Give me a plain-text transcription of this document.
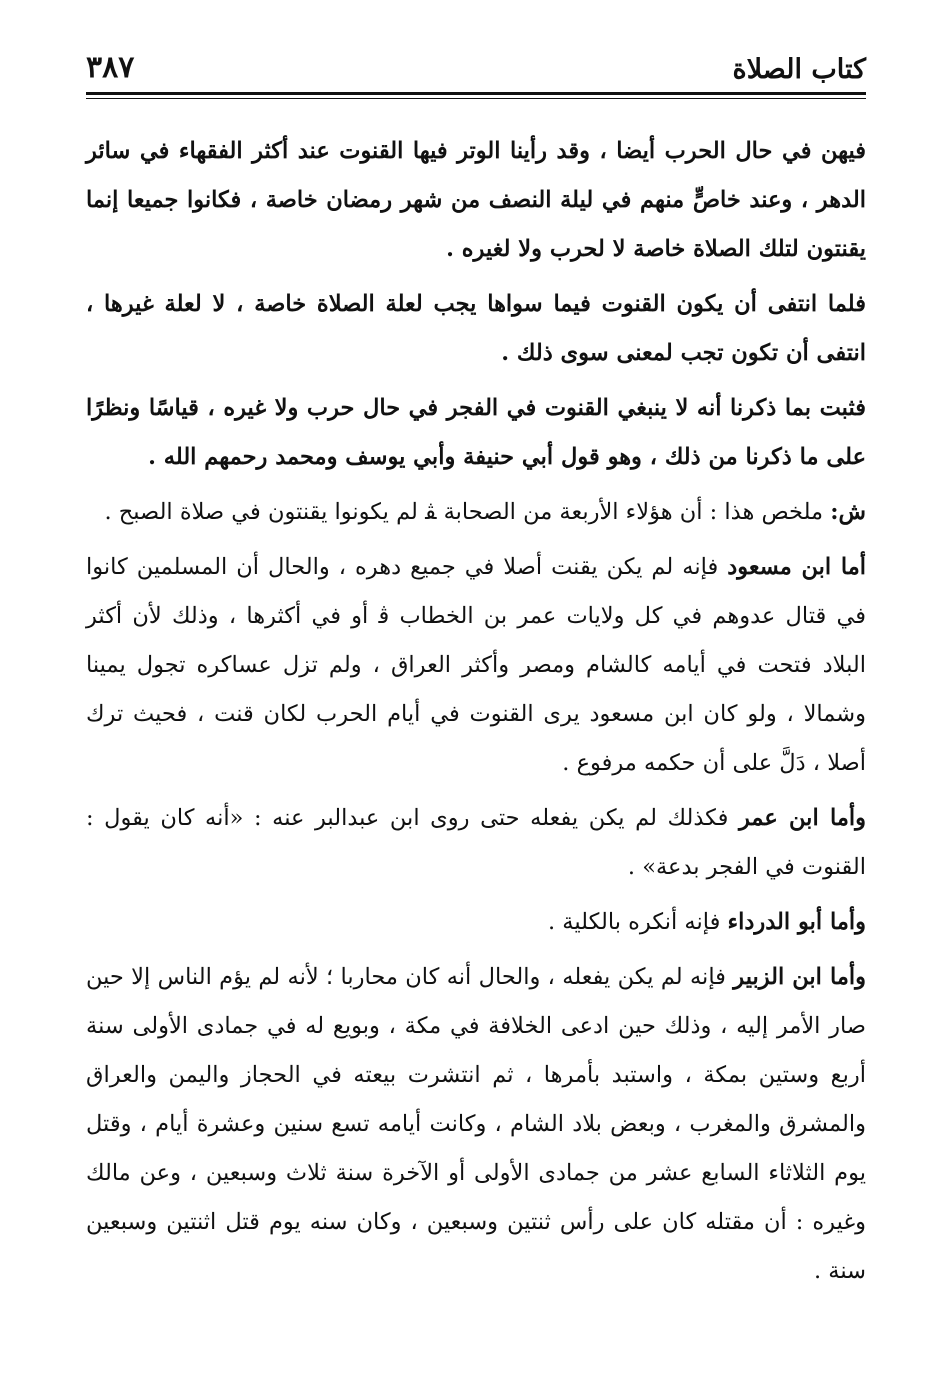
كتاب الصلاة
٣٨٧

فيهن في حال الحرب أيضا ، وقد رأينا الوتر فيها القنوت عند أكثر الفقهاء في سائر الدهر ، وعند خاصٍّ منهم في ليلة النصف من شهر رمضان خاصة ، فكانوا جميعا إنما يقنتون لتلك الصلاة خاصة لا لحرب ولا لغيره .

فلما انتفى أن يكون القنوت فيما سواها يجب لعلة الصلاة خاصة ، لا لعلة غيرها ، انتفى أن تكون تجب لمعنى سوى ذلك .

فثبت بما ذكرنا أنه لا ينبغي القنوت في الفجر في حال حرب ولا غيره ، قياسًا ونظرًا على ما ذكرنا من ذلك ، وهو قول أبي حنيفة وأبي يوسف ومحمد رحمهم الله .

ش: ملخص هذا : أن هؤلاء الأربعة من الصحابة ﭭ لم يكونوا يقنتون في صلاة الصبح .

أما ابن مسعود فإنه لم يكن يقنت أصلا في جميع دهره ، والحال أن المسلمين كانوا في قتال عدوهم في كل ولايات عمر بن الخطاب ﭬ أو في أكثرها ، وذلك لأن أكثر البلاد فتحت في أيامه كالشام ومصر وأكثر العراق ، ولم تزل عساكره تجول يمينا وشمالا ، ولو كان ابن مسعود يرى القنوت في أيام الحرب لكان قنت ، فحيث ترك أصلا ، دَلَّ على أن حكمه مرفوع .

وأما ابن عمر فكذلك لم يكن يفعله حتى روى ابن عبدالبر عنه : «أنه كان يقول : القنوت في الفجر بدعة» .

وأما أبو الدرداء فإنه أنكره بالكلية .

وأما ابن الزبير فإنه لم يكن يفعله ، والحال أنه كان محاربا ؛ لأنه لم يؤم الناس إلا حين صار الأمر إليه ، وذلك حين ادعى الخلافة في مكة ، وبويع له في جمادى الأولى سنة أربع وستين بمكة ، واستبد بأمرها ، ثم انتشرت بيعته في الحجاز واليمن والعراق والمشرق والمغرب ، وبعض بلاد الشام ، وكانت أيامه تسع سنين وعشرة أيام ، وقتل يوم الثلاثاء السابع عشر من جمادى الأولى أو الآخرة سنة ثلاث وسبعين ، وعن مالك وغيره : أن مقتله كان على رأس ثنتين وسبعين ، وكان سنه يوم قتل اثنتين وسبعين سنة .
